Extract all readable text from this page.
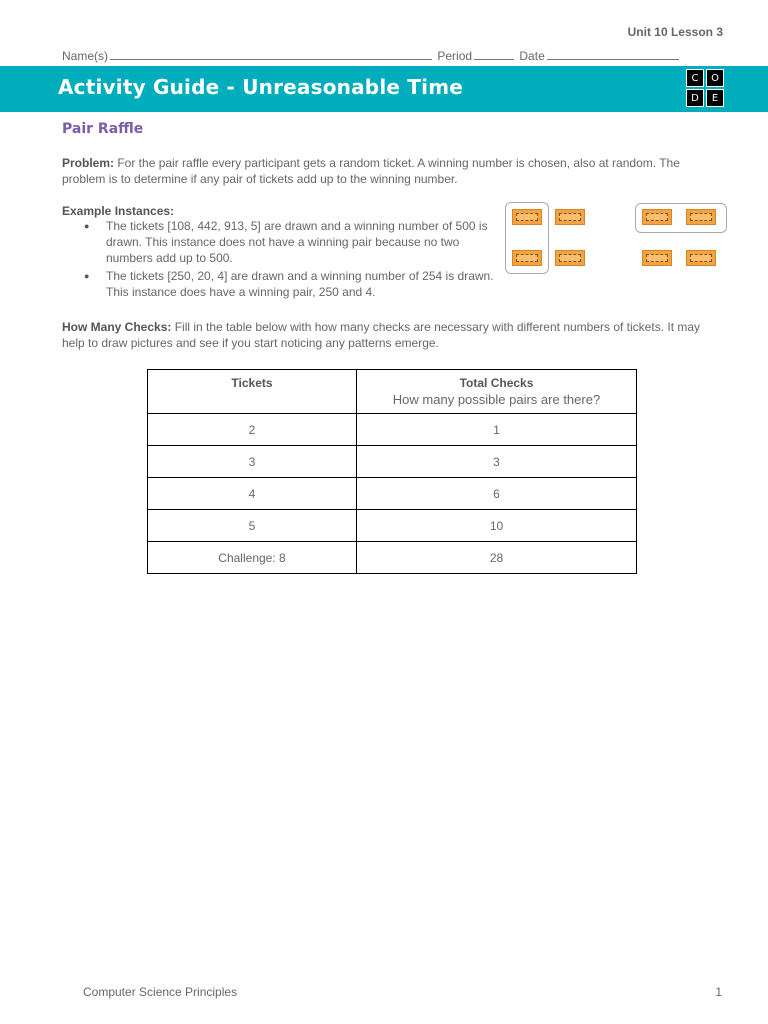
Unit 10 Lesson 3
Name(s)	Period	Date
Activity Guide - Unreasonable Time	C	O
D	E
Pair Raffle
Problem: For the pair raffle every participant gets a random ticket. A winning number is chosen, also at random. The problem is to determine if any pair of tickets add up to the winning number.
Example Instances:
● The tickets [108, 442, 913, 5] are drawn and a winning number of 500 is drawn. This instance does not have a winning pair because no two numbers add up to 500.
● The tickets [250, 20, 4] are drawn and a winning number of 254 is drawn. This instance does have a winning pair, 250 and 4.
How Many Checks: Fill in the table below with how many checks are necessary with different numbers of tickets. It may help to draw pictures and see if you start noticing any patterns emerge.
Tickets	Total Checks
How many possible pairs are there?

2	1
3	3
4	6
5	10
Challenge: 8	28
Computer Science Principles	1
